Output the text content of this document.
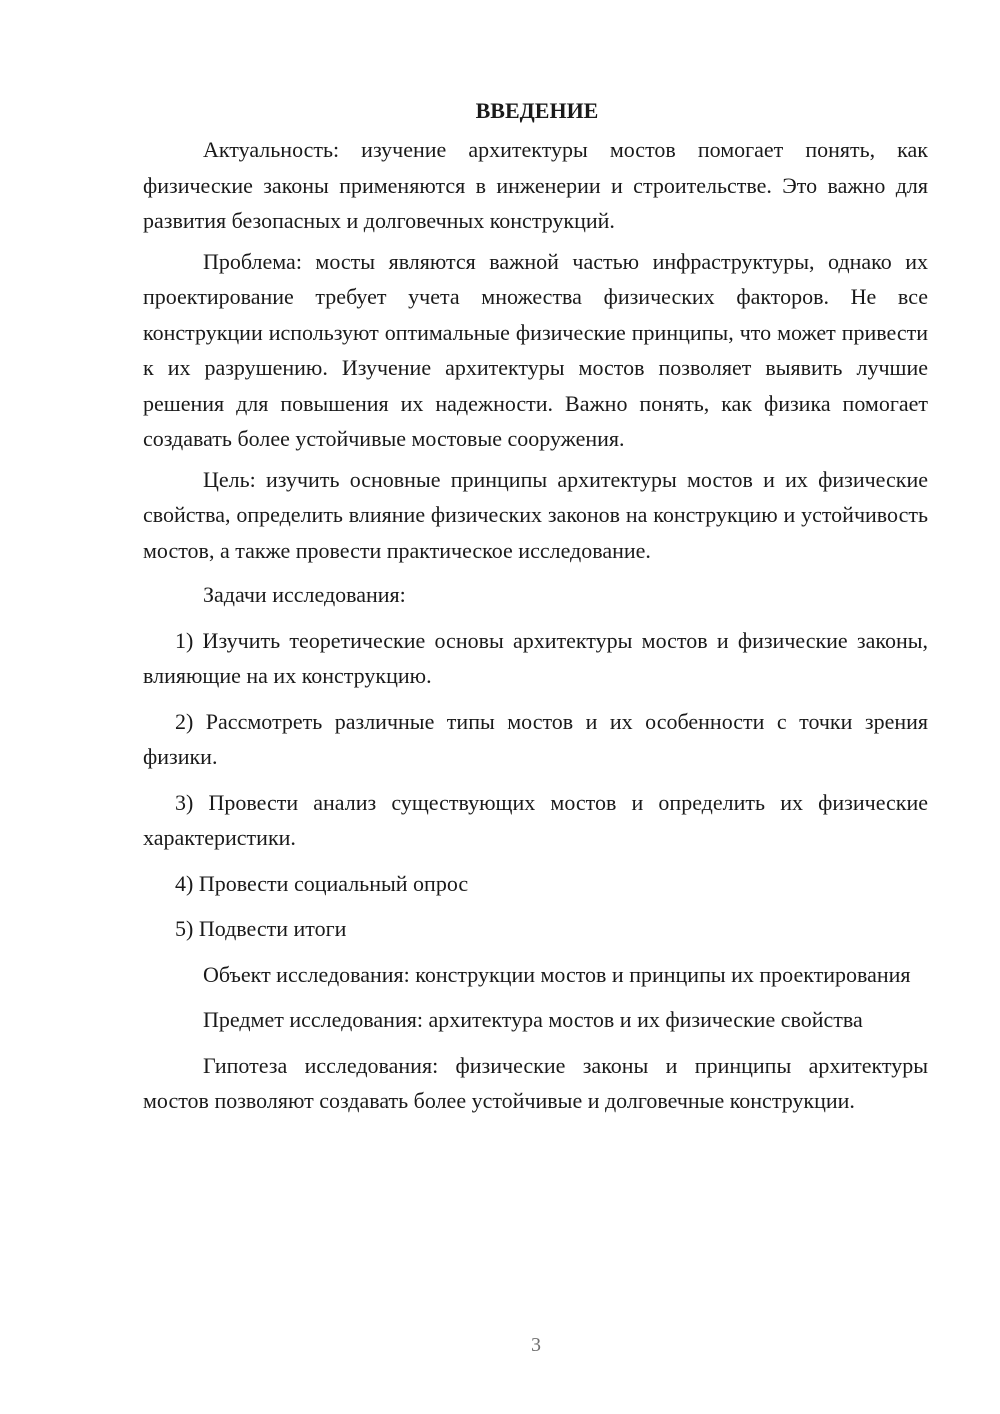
ВВЕДЕНИЕ

Актуальность: изучение архитектуры мостов помогает понять, как физические законы применяются в инженерии и строительстве. Это важно для развития безопасных и долговечных конструкций.

Проблема: мосты являются важной частью инфраструктуры, однако их проектирование требует учета множества физических факторов. Не все конструкции используют оптимальные физические принципы, что может привести к их разрушению. Изучение архитектуры мостов позволяет выявить лучшие решения для повышения их надежности. Важно понять, как физика помогает создавать более устойчивые мостовые сооружения.

Цель: изучить основные принципы архитектуры мостов и их физические свойства, определить влияние физических законов на конструкцию и устойчивость мостов, а также провести практическое исследование.

Задачи исследования:

1) Изучить теоретические основы архитектуры мостов и физические законы, влияющие на их конструкцию.

2) Рассмотреть различные типы мостов и их особенности с точки зрения физики.

3) Провести анализ существующих мостов и определить их физические характеристики.

4) Провести социальный опрос

5) Подвести итоги

Объект исследования: конструкции мостов и принципы их проектирования

Предмет исследования: архитектура мостов и их физические свойства

Гипотеза исследования: физические законы и принципы архитектуры мостов позволяют создавать более устойчивые и долговечные конструкции.

3
